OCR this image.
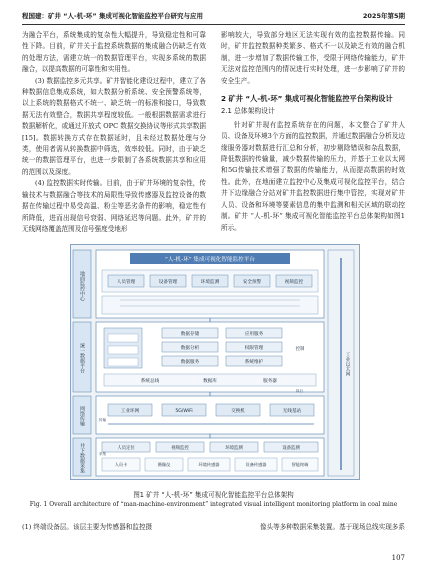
程国建：矿井 “人-机-环” 集成可视化智能监控平台研究与应用	2025年第5期

为融合平台，系统集成的复杂性大幅提升，导致稳定性和可靠性下降。目前，矿井关于监控系统数据的集成融合仍缺乏有效的处理方法，需建立统一的数据管理平台，实现多系统的数据融合，以提高数据的可靠性和实用性。

(3) 数据监控多元共享。矿井智能化建设过程中，建立了各种数据信息集成系统，如大数据分析系统、安全预警系统等，以上系统的数据格式不统一、缺乏统一的标准和接口，导致数据无法有效整合，数据共享程度较低。一般根据数据需求进行数据解析化，或通过开放式 OPC 数据交换协议等形式共享数据[15]。数据转换方式存在数据延时，且未经过数据处理与分类，使用者需从转换数据中筛选，效率较低。同时，由于缺乏统一的数据管理平台，也进一步限制了各系统数据共享和应用的范围以及深度。

(4) 监控数据实时传输。目前，由于矿井环境的复杂性，传输技术与数据融合等技术的局限性导致传感器及监控设备的数据在传输过程中易受高温、粉尘等恶劣条件的影响，稳定性有所降低，进而出现信号衰弱、网络延迟等问题。此外，矿井的无线网络覆盖范围及信号强度受地形

影响较大，导致部分地区无法实现有效的监控数据传输。同时，矿井监控数据种类繁多、格式不一以及缺乏有效的融合机制，进一步增加了数据传输工作，受限于网络传输能力，矿井无法对监控范围内的情况进行实时处理，进一步影响了矿井的安全生产。

2 矿井 “人-机-环” 集成可视化智能监控平台架构设计
2.1 总体架构设计

针对矿井现有监控系统存在的问题，本文整合了矿井人员、设备及环境3个方面的监控数据，并通过数据融合分析及边缘服务器对数据进行汇总和分析，初步剔除错误和杂乱数据，降低数据的传输量，减少数据传输的压力，并基于工业以太网和5G传输技术增强了数据的传输能力，从而提高数据的时效性。此外，在地面建立监控中心及集成可视化监控平台，结合井下边缘融合分站对矿井监控数据进行集中管控，实现对矿井人员、设备和环境等要素信息的集中监测和相关区域的联动控制。矿井 “人-机-环” 集成可视化智能监控平台总体架构如图1所示。

地面监控中心
统一数据平台
网络传输
井下数据采集
“人-机-环” 集成可视化智能监控平台
人员管理	设备管理	环境监测	安全预警	视频监控
数据存储
数据分析
数据服务
应用服务
权限管理
系统维护
系统总线	数据库	服务器
控制
工业以太网
工业环网	5G/WiFi	交换机	无线基站
人员定位	视频监控	环境监测	设备监测
人员卡	摄像仪	环境传感器	设备传感器	智能终端
采集
传输
执行
图1 矿井 “人-机-环” 集成可视化智能监控平台总体架构
Fig. 1 Overall architecture of “man-machine-environment” integrated visual intelligent monitoring platform in coal mine
(1) 终端设备层。该层主要为传感器和监控摄	像头等多种数据采集装置。基于现场总线实现多系
107
